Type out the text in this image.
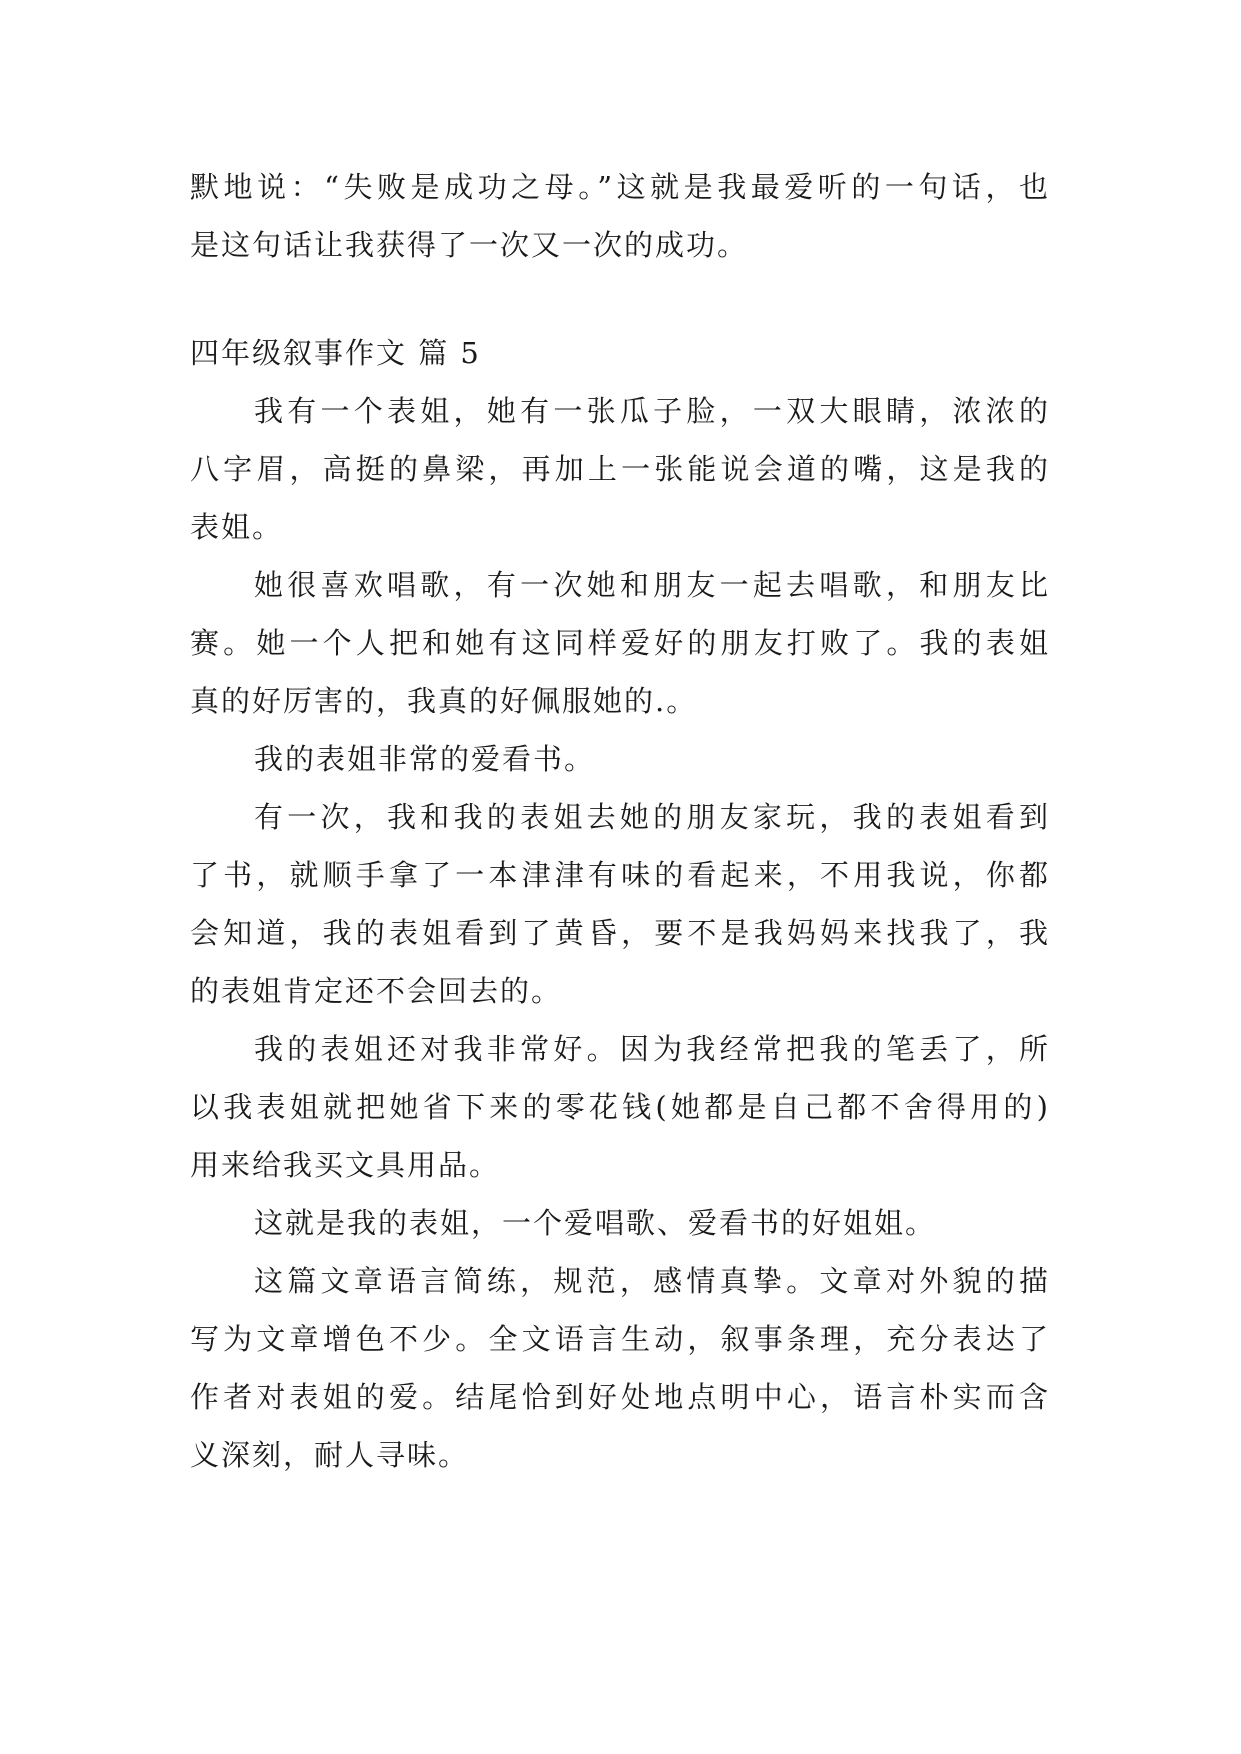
默地说：“失败是成功之母。”这就是我最爱听的一句话，也
是这句话让我获得了一次又一次的成功。
四年级叙事作文 篇 5
我有一个表姐，她有一张瓜子脸，一双大眼睛，浓浓的
八字眉，高挺的鼻梁，再加上一张能说会道的嘴，这是我的
表姐。
她很喜欢唱歌，有一次她和朋友一起去唱歌，和朋友比
赛。她一个人把和她有这同样爱好的朋友打败了。我的表姐
真的好厉害的，我真的好佩服她的.。
我的表姐非常的爱看书。
有一次，我和我的表姐去她的朋友家玩，我的表姐看到
了书，就顺手拿了一本津津有味的看起来，不用我说，你都
会知道，我的表姐看到了黄昏，要不是我妈妈来找我了，我
的表姐肯定还不会回去的。
我的表姐还对我非常好。因为我经常把我的笔丢了，所
以我表姐就把她省下来的零花钱(她都是自己都不舍得用的)
用来给我买文具用品。
这就是我的表姐，一个爱唱歌、爱看书的好姐姐。
这篇文章语言简练，规范，感情真挚。文章对外貌的描
写为文章增色不少。全文语言生动，叙事条理，充分表达了
作者对表姐的爱。结尾恰到好处地点明中心，语言朴实而含
义深刻，耐人寻味。
